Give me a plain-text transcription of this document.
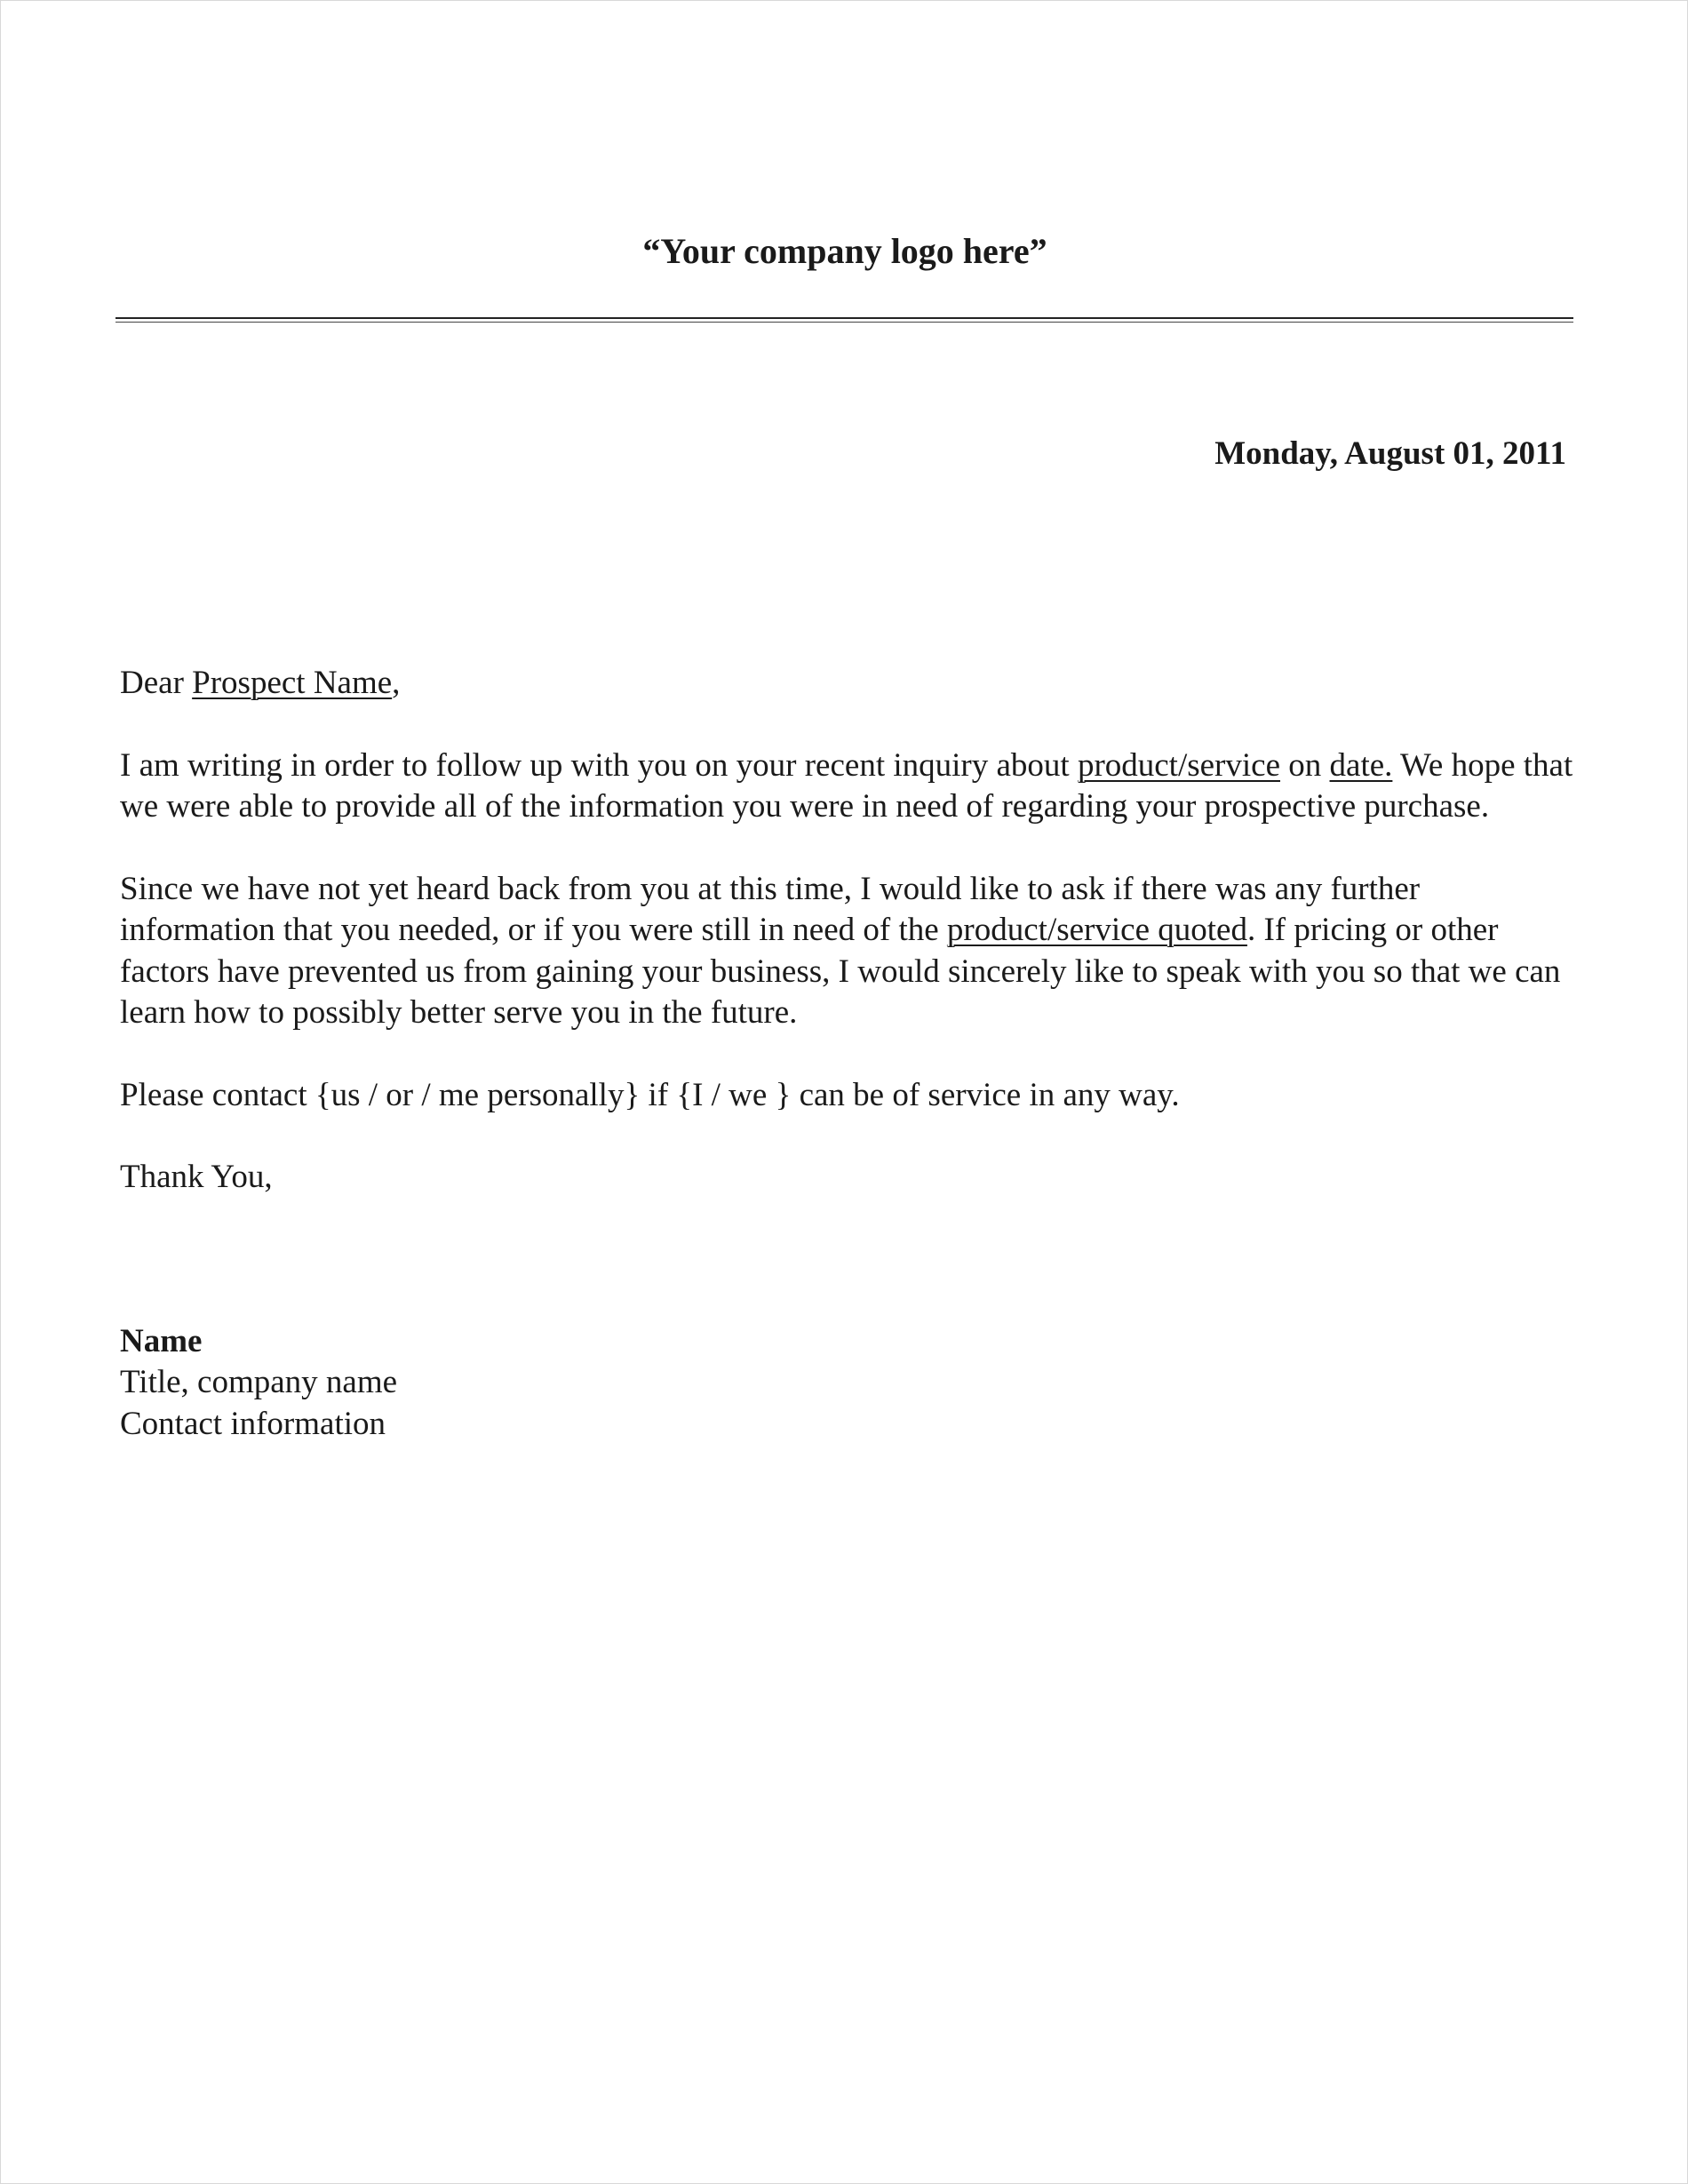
“Your company logo here”
Monday, August 01, 2011

Dear Prospect Name,

I am writing in order to follow up with you on your recent inquiry about product/service on date. We hope that we were able to provide all of the information you were in need of regarding your prospective purchase.

Since we have not yet heard back from you at this time, I would like to ask if there was any further information that you needed, or if you were still in need of the product/service quoted. If pricing or other factors have prevented us from gaining your business, I would sincerely like to speak with you so that we can learn how to possibly better serve you in the future.

Please contact {us / or / me personally} if {I / we } can be of service in any way.

Thank You,

Name
Title, company name
Contact information
